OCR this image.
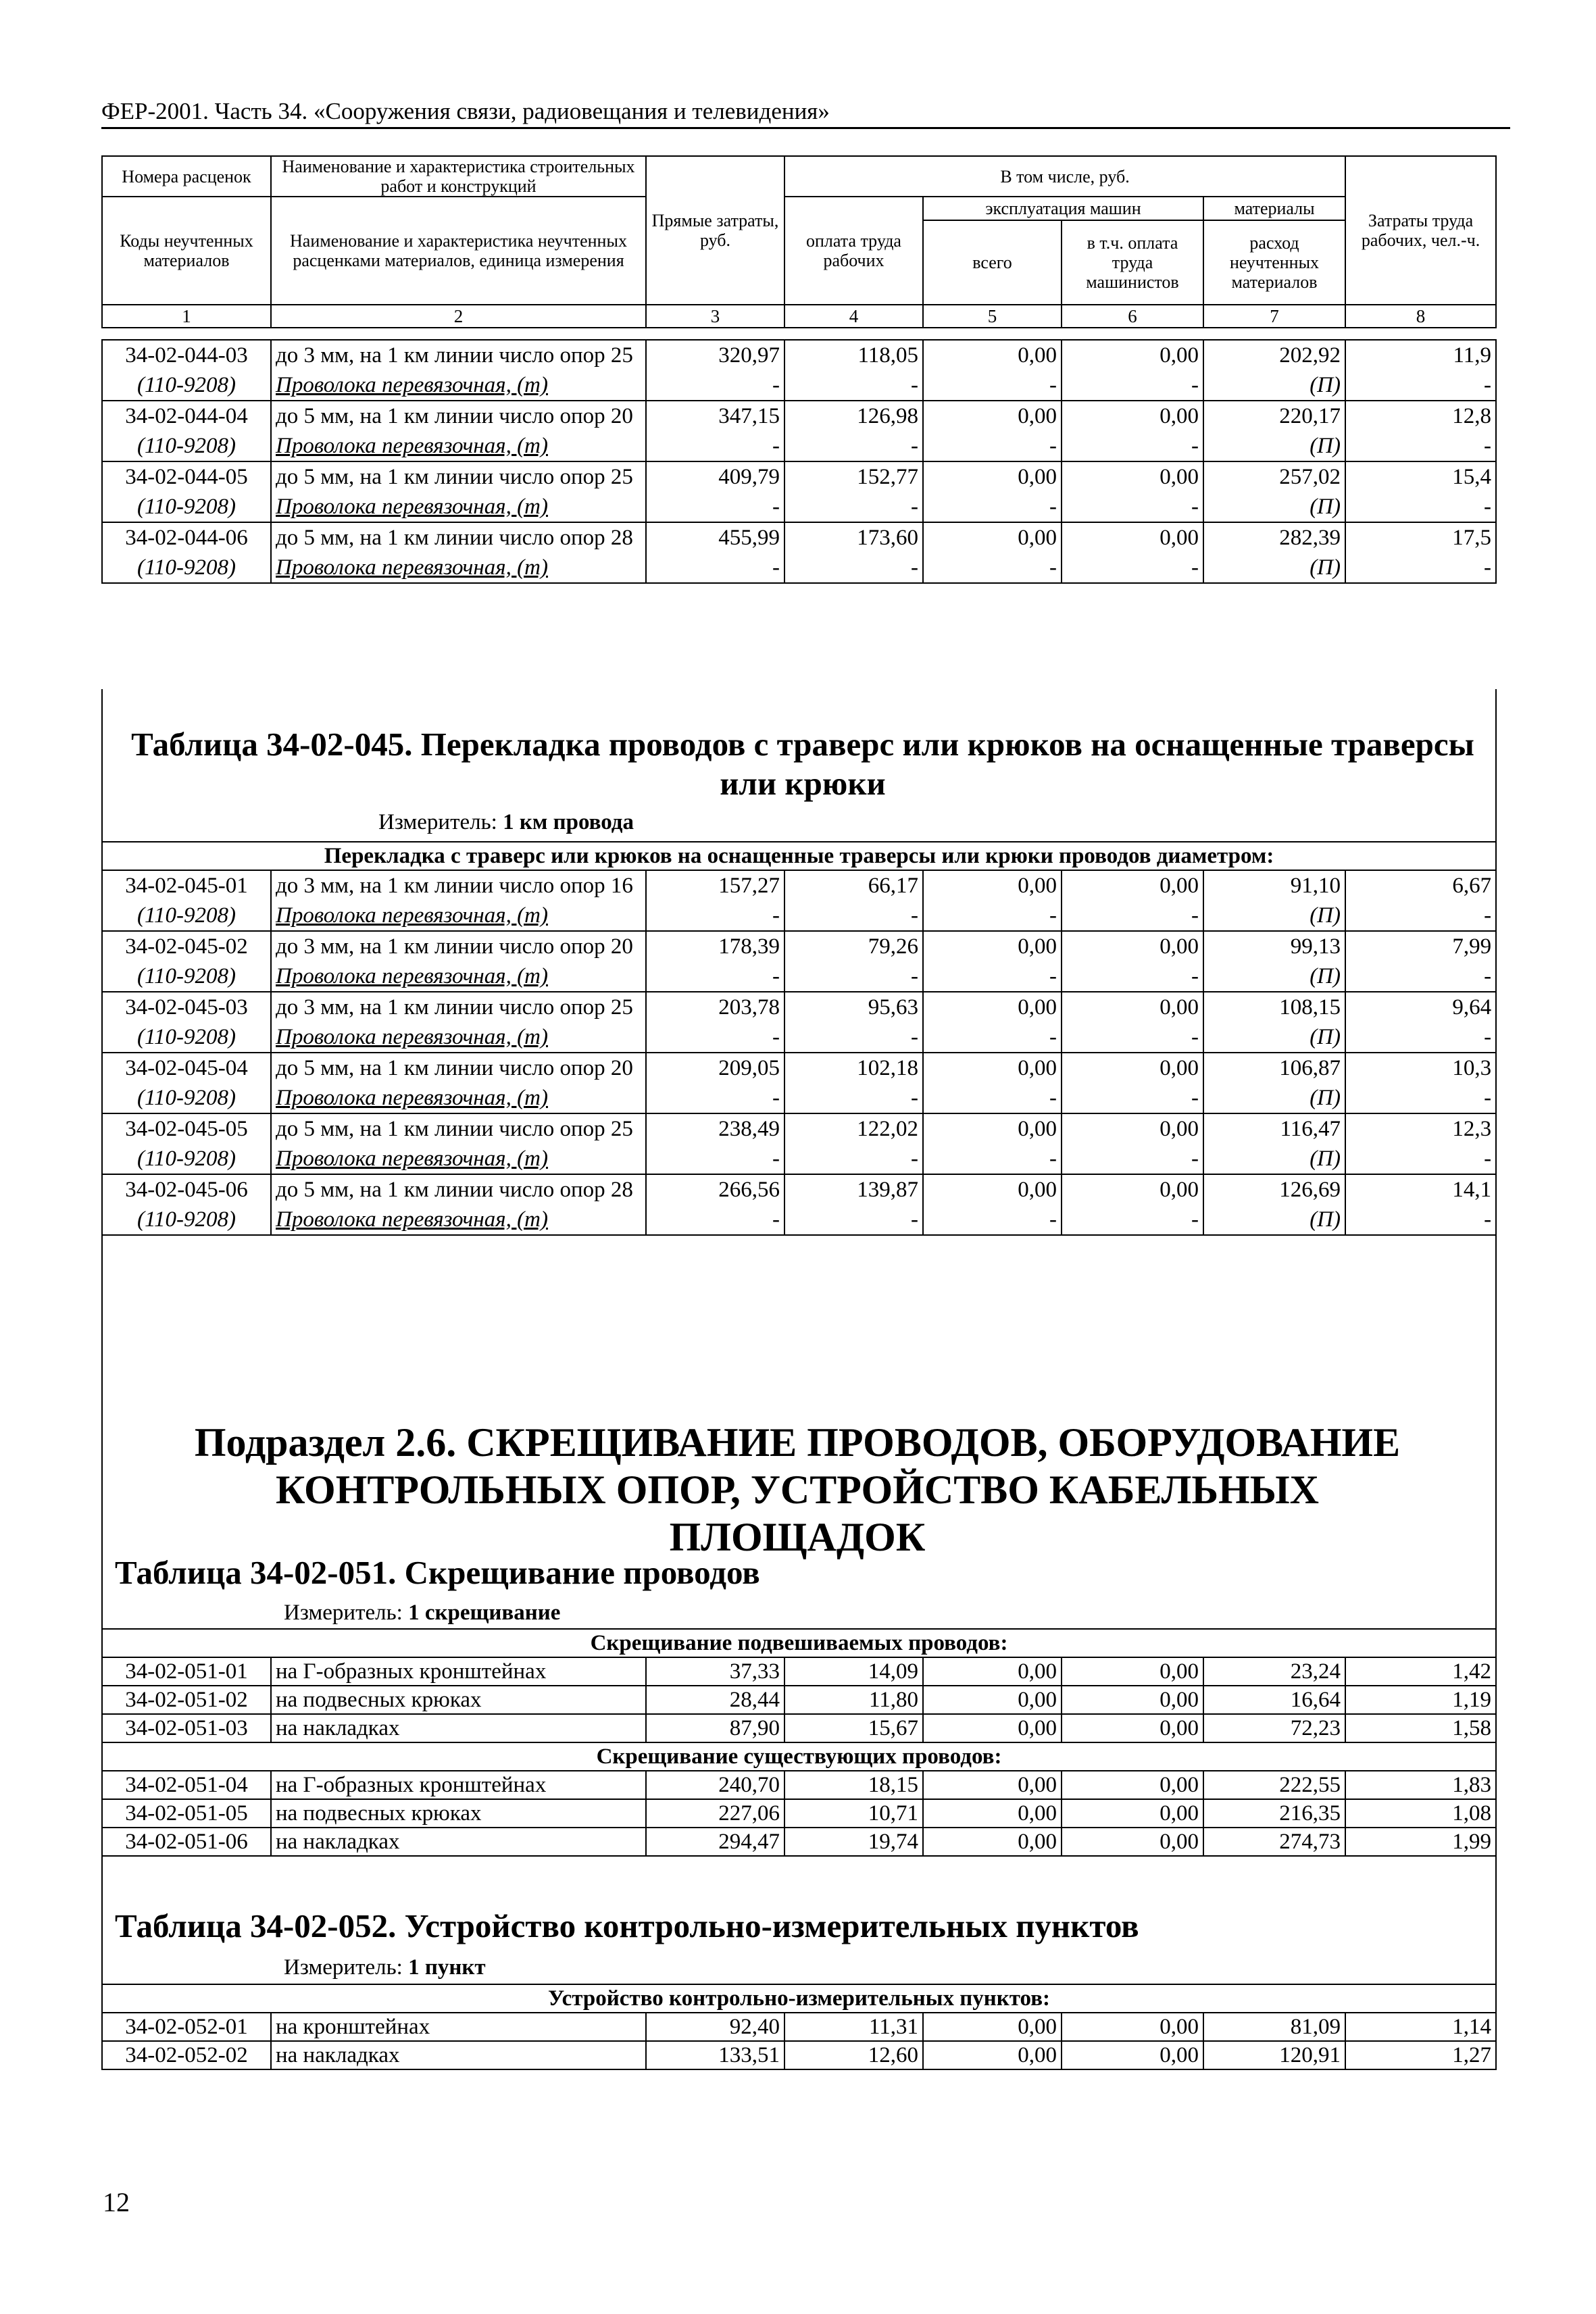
ФЕР-2001. Часть 34. «Сооружения связи, радиовещания и телевидения»
Номера расценок	Наименование и характеристика строительных работ и конструкций	Прямые затраты, руб.	В том числе, руб.				Затраты труда рабочих, чел.-ч.
Коды неучтенных материалов	Наименование и характеристика неучтенных расценками материалов, единица измерения		оплата труда рабочих	эксплуатация машин		материалы	
				всего	в т.ч. оплата труда машинистов	расход неучтенных материалов	
1	2	3	4	5	6	7	8
34-02-044-03	до 3 мм, на 1 км линии число опор 25	320,97	118,05	0,00	0,00	202,92	11,9
(110-9208)	Проволока перевязочная, (т)	-	-	-	-	(П)	-
34-02-044-04	до 5 мм, на 1 км линии число опор 20	347,15	126,98	0,00	0,00	220,17	12,8
(110-9208)	Проволока перевязочная, (т)	-	-	-	-	(П)	-
34-02-044-05	до 5 мм, на 1 км линии число опор 25	409,79	152,77	0,00	0,00	257,02	15,4
(110-9208)	Проволока перевязочная, (т)	-	-	-	-	(П)	-
34-02-044-06	до 5 мм, на 1 км линии число опор 28	455,99	173,60	0,00	0,00	282,39	17,5
(110-9208)	Проволока перевязочная, (т)	-	-	-	-	(П)	-
Таблица 34-02-045. Перекладка проводов с траверс или крюков на оснащенные траверсы или крюки
Измеритель: 1 км провода
Перекладка с траверс или крюков на оснащенные траверсы или крюки проводов диаметром:							
34-02-045-01	до 3 мм, на 1 км линии число опор 16	157,27	66,17	0,00	0,00	91,10	6,67
(110-9208)	Проволока перевязочная, (т)	-	-	-	-	(П)	-
34-02-045-02	до 3 мм, на 1 км линии число опор 20	178,39	79,26	0,00	0,00	99,13	7,99
(110-9208)	Проволока перевязочная, (т)	-	-	-	-	(П)	-
34-02-045-03	до 3 мм, на 1 км линии число опор 25	203,78	95,63	0,00	0,00	108,15	9,64
(110-9208)	Проволока перевязочная, (т)	-	-	-	-	(П)	-
34-02-045-04	до 5 мм, на 1 км линии число опор 20	209,05	102,18	0,00	0,00	106,87	10,3
(110-9208)	Проволока перевязочная, (т)	-	-	-	-	(П)	-
34-02-045-05	до 5 мм, на 1 км линии число опор 25	238,49	122,02	0,00	0,00	116,47	12,3
(110-9208)	Проволока перевязочная, (т)	-	-	-	-	(П)	-
34-02-045-06	до 5 мм, на 1 км линии число опор 28	266,56	139,87	0,00	0,00	126,69	14,1
(110-9208)	Проволока перевязочная, (т)	-	-	-	-	(П)	-
Подраздел 2.6. СКРЕЩИВАНИЕ ПРОВОДОВ, ОБОРУДОВАНИЕ КОНТРОЛЬНЫХ ОПОР, УСТРОЙСТВО КАБЕЛЬНЫХ ПЛОЩАДОК
Таблица 34-02-051. Скрещивание проводов
Измеритель: 1 скрещивание
Скрещивание подвешиваемых проводов:							
34-02-051-01	на Г-образных кронштейнах	37,33	14,09	0,00	0,00	23,24	1,42
34-02-051-02	на подвесных крюках	28,44	11,80	0,00	0,00	16,64	1,19
34-02-051-03	на накладках	87,90	15,67	0,00	0,00	72,23	1,58
Скрещивание существующих проводов:							
34-02-051-04	на Г-образных кронштейнах	240,70	18,15	0,00	0,00	222,55	1,83
34-02-051-05	на подвесных крюках	227,06	10,71	0,00	0,00	216,35	1,08
34-02-051-06	на накладках	294,47	19,74	0,00	0,00	274,73	1,99
Таблица 34-02-052. Устройство контрольно-измерительных пунктов
Измеритель: 1 пункт
Устройство контрольно-измерительных пунктов:							
34-02-052-01	на кронштейнах	92,40	11,31	0,00	0,00	81,09	1,14
34-02-052-02	на накладках	133,51	12,60	0,00	0,00	120,91	1,27
12
